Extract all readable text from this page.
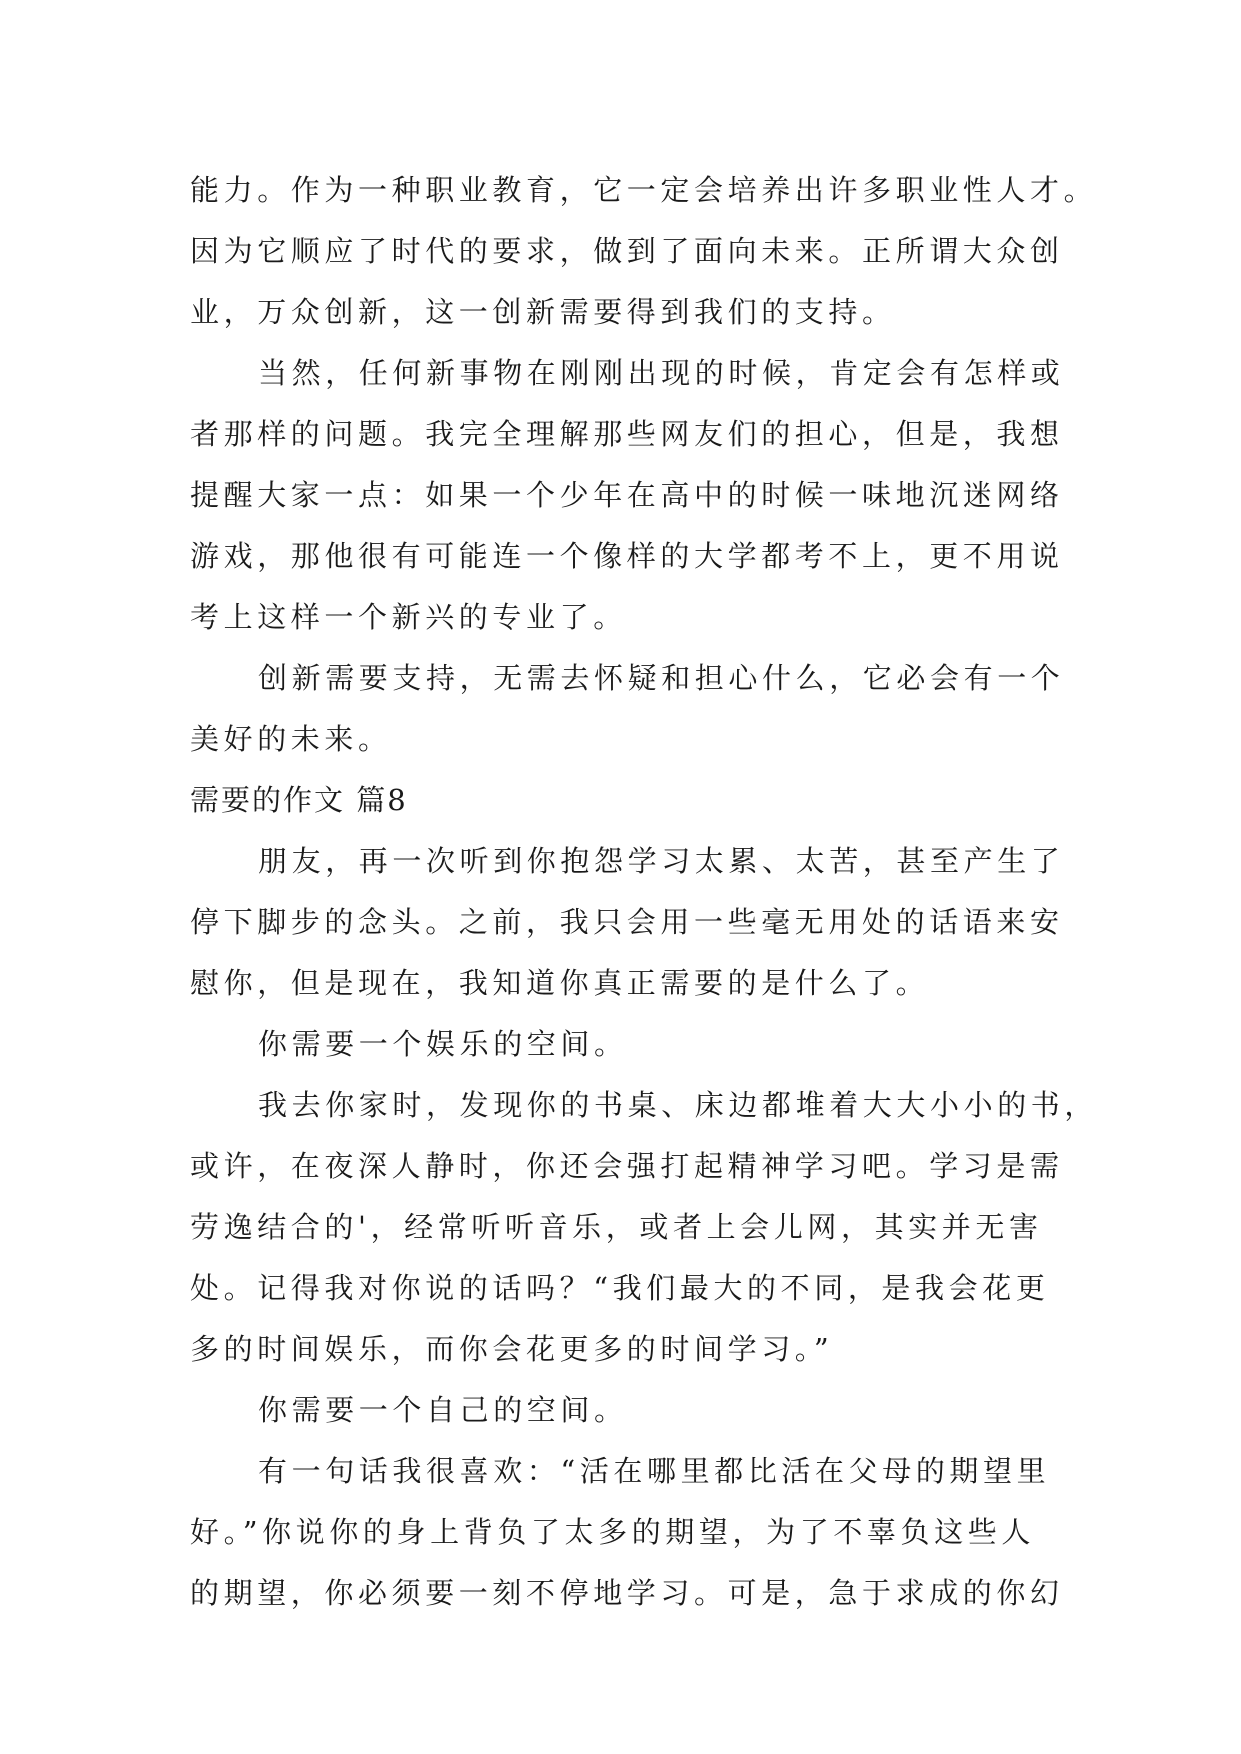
能力。作为一种职业教育，它一定会培养出许多职业性人才。
因为它顺应了时代的要求，做到了面向未来。正所谓大众创
业，万众创新，这一创新需要得到我们的支持。
当然，任何新事物在刚刚出现的时候，肯定会有怎样或
者那样的问题。我完全理解那些网友们的担心，但是，我想
提醒大家一点：如果一个少年在高中的时候一味地沉迷网络
游戏，那他很有可能连一个像样的大学都考不上，更不用说
考上这样一个新兴的专业了。
创新需要支持，无需去怀疑和担心什么，它必会有一个
美好的未来。
需要的作文 篇8
朋友，再一次听到你抱怨学习太累、太苦，甚至产生了
停下脚步的念头。之前，我只会用一些毫无用处的话语来安
慰你，但是现在，我知道你真正需要的是什么了。
你需要一个娱乐的空间。
我去你家时，发现你的书桌、床边都堆着大大小小的书，
或许，在夜深人静时，你还会强打起精神学习吧。学习是需
劳逸结合的'，经常听听音乐，或者上会儿网，其实并无害
处。记得我对你说的话吗？“我们最大的不同，是我会花更
多的时间娱乐，而你会花更多的时间学习。”
你需要一个自己的空间。
有一句话我很喜欢：“活在哪里都比活在父母的期望里
好。”你说你的身上背负了太多的期望，为了不辜负这些人
的期望，你必须要一刻不停地学习。可是，急于求成的你幻
